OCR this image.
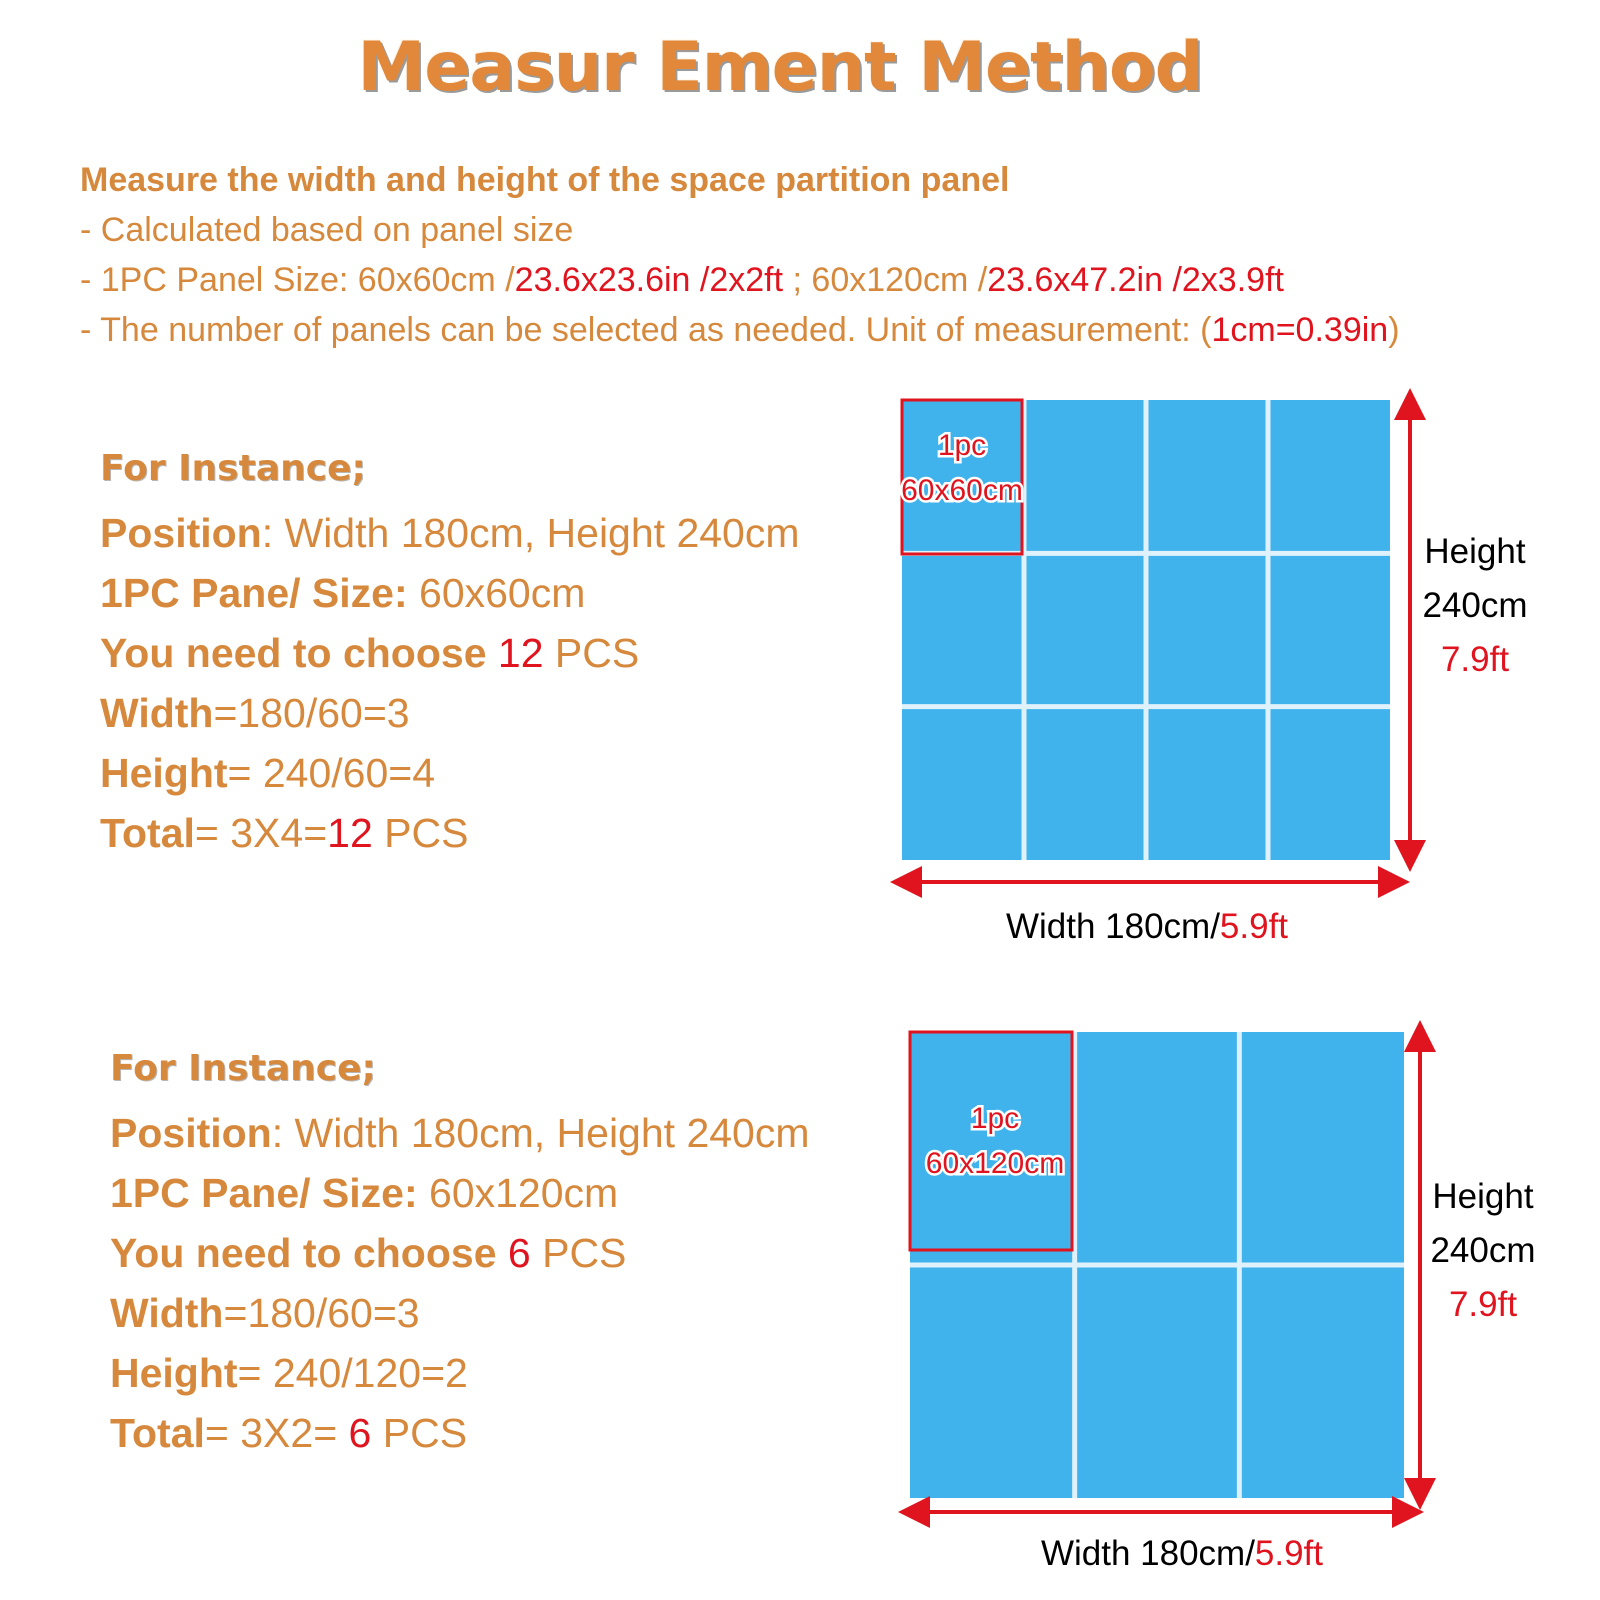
Measur Ement Method
Measure the width and height of the space partition panel
- Calculated based on panel size
- 1PC Panel Size: 60x60cm /23.6x23.6in /2x2ft ; 60x120cm /23.6x47.2in /2x3.9ft
- The number of panels can be selected as needed. Unit of measurement: (1cm=0.39in)
For Instance;
Position: Width 180cm, Height 240cm
1PC Pane/ Size: 60x60cm
You need to choose 12 PCS
Width=180/60=3
Height= 240/60=4
Total= 3X4=12 PCS
For Instance;
Position: Width 180cm, Height 240cm
1PC Pane/ Size: 60x120cm
You need to choose 6 PCS
Width=180/60=3
Height= 240/120=2
Total= 3X2= 6 PCS
1pc
60x60cm
Height
240cm
7.9ft
Width 180cm/5.9ft
1pc
60x120cm
Height
240cm
7.9ft
Width 180cm/5.9ft
